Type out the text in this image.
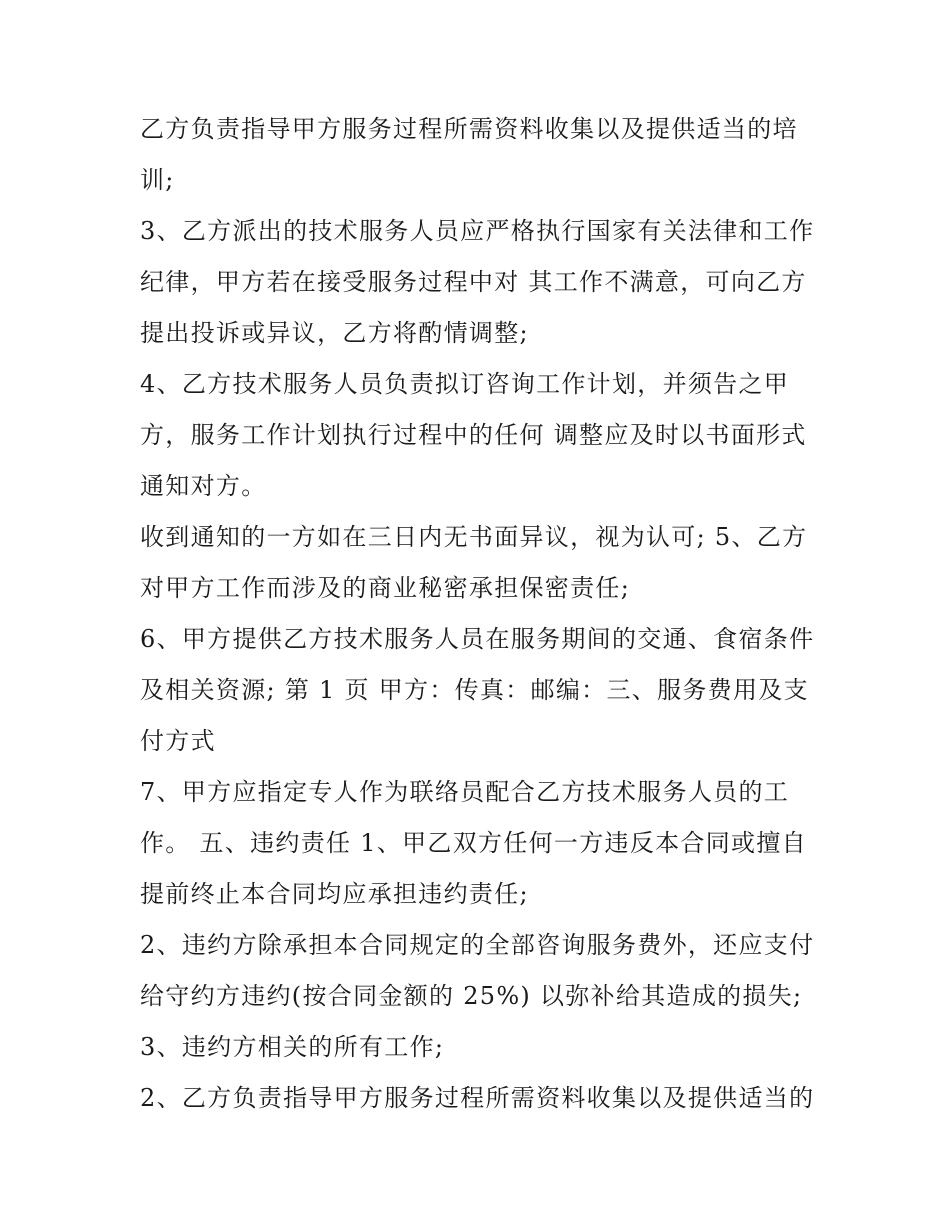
乙方负责指导甲方服务过程所需资料收集以及提供适当的培训;

3、乙方派出的技术服务人员应严格执行国家有关法律和工作纪律，甲方若在接受服务过程中对 其工作不满意，可向乙方提出投诉或异议，乙方将酌情调整;

4、乙方技术服务人员负责拟订咨询工作计划，并须告之甲方，服务工作计划执行过程中的任何 调整应及时以书面形式通知对方。

收到通知的一方如在三日内无书面异议，视为认可; 5、乙方对甲方工作而涉及的商业秘密承担保密责任;

6、甲方提供乙方技术服务人员在服务期间的交通、食宿条件及相关资源; 第 1 页 甲方：传真：邮编：三、服务费用及支付方式

7、甲方应指定专人作为联络员配合乙方技术服务人员的工作。 五、违约责任 1、甲乙双方任何一方违反本合同或擅自提前终止本合同均应承担违约责任;

2、违约方除承担本合同规定的全部咨询服务费外，还应支付给守约方违约(按合同金额的 25%) 以弥补给其造成的损失; 3、违约方相关的所有工作;

2、乙方负责指导甲方服务过程所需资料收集以及提供适当的
